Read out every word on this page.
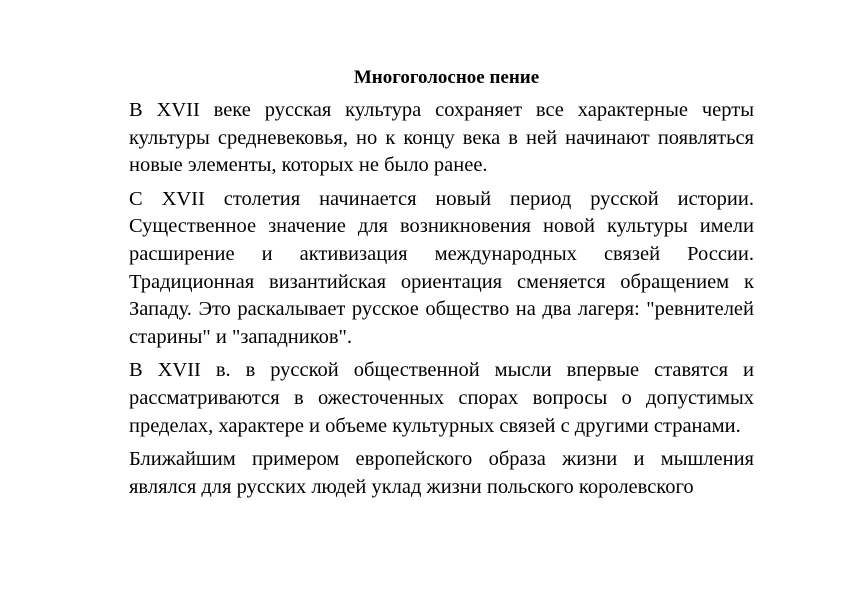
Многоголосное пение

В XVII веке русская культура сохраняет все характерные черты культуры средневековья, но к концу века в ней начинают появляться новые элементы, которых не было ранее.

С XVII столетия начинается новый период русской истории. Существенное значение для возникновения новой культуры имели расширение и активизация международных связей России. Традиционная византийская ориентация сменяется обращением к Западу. Это раскалывает русское общество на два лагеря: "ревнителей старины" и "западников".

В XVII в. в русской общественной мысли впервые ставятся и рассматриваются в ожесточенных спорах вопросы о допустимых пределах, характере и объеме культурных связей с другими странами.

Ближайшим примером европейского образа жизни и мышления являлся для русских людей уклад жизни польского королевского
